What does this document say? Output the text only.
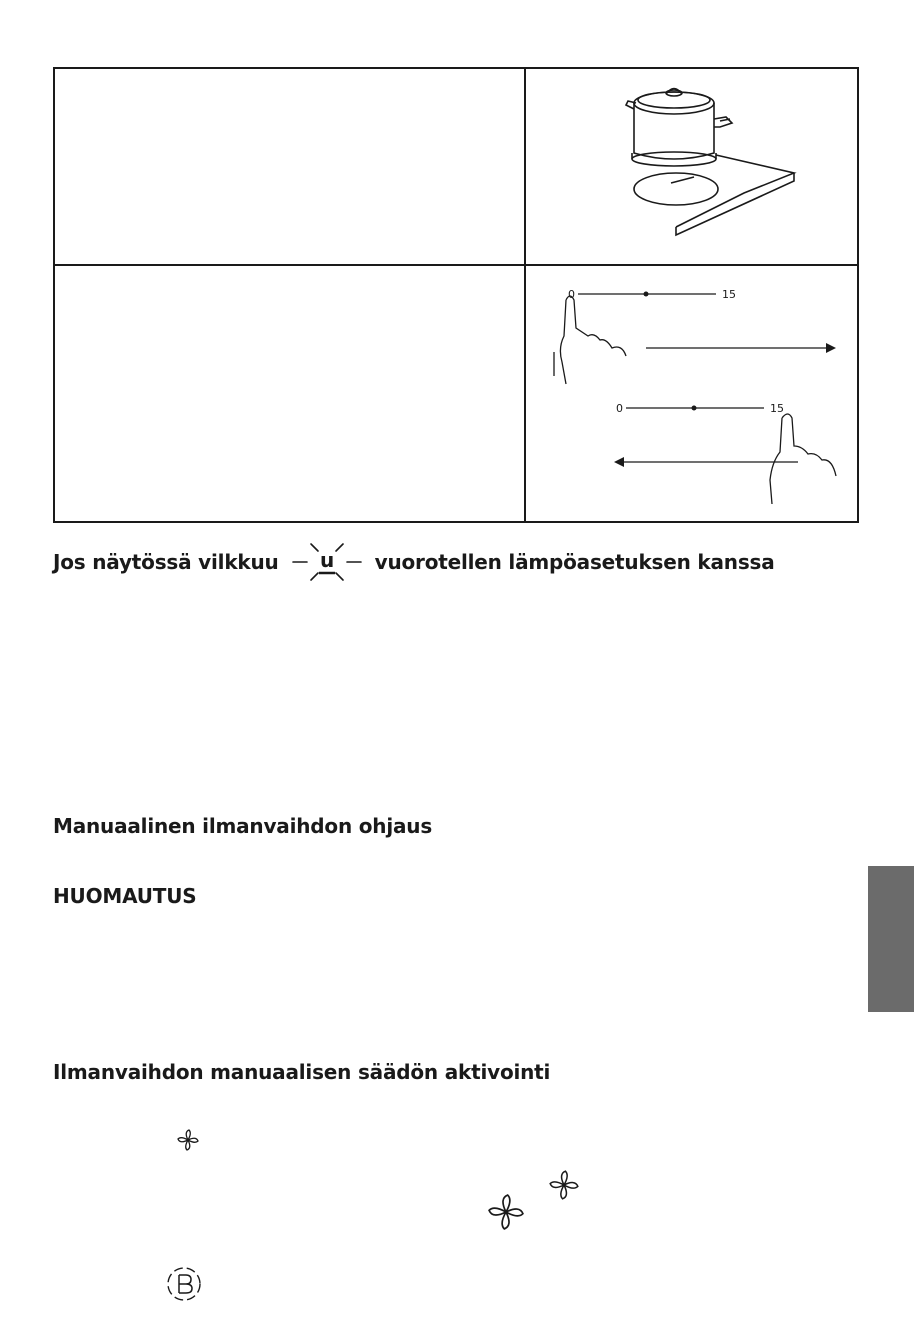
0	15
0	15
Jos näytössä vilkkuu u vuorotellen lämpöasetuksen kanssa
Manuaalinen ilmanvaihdon ohjaus
HUOMAUTUS
Ilmanvaihdon manuaalisen säädön aktivointi
